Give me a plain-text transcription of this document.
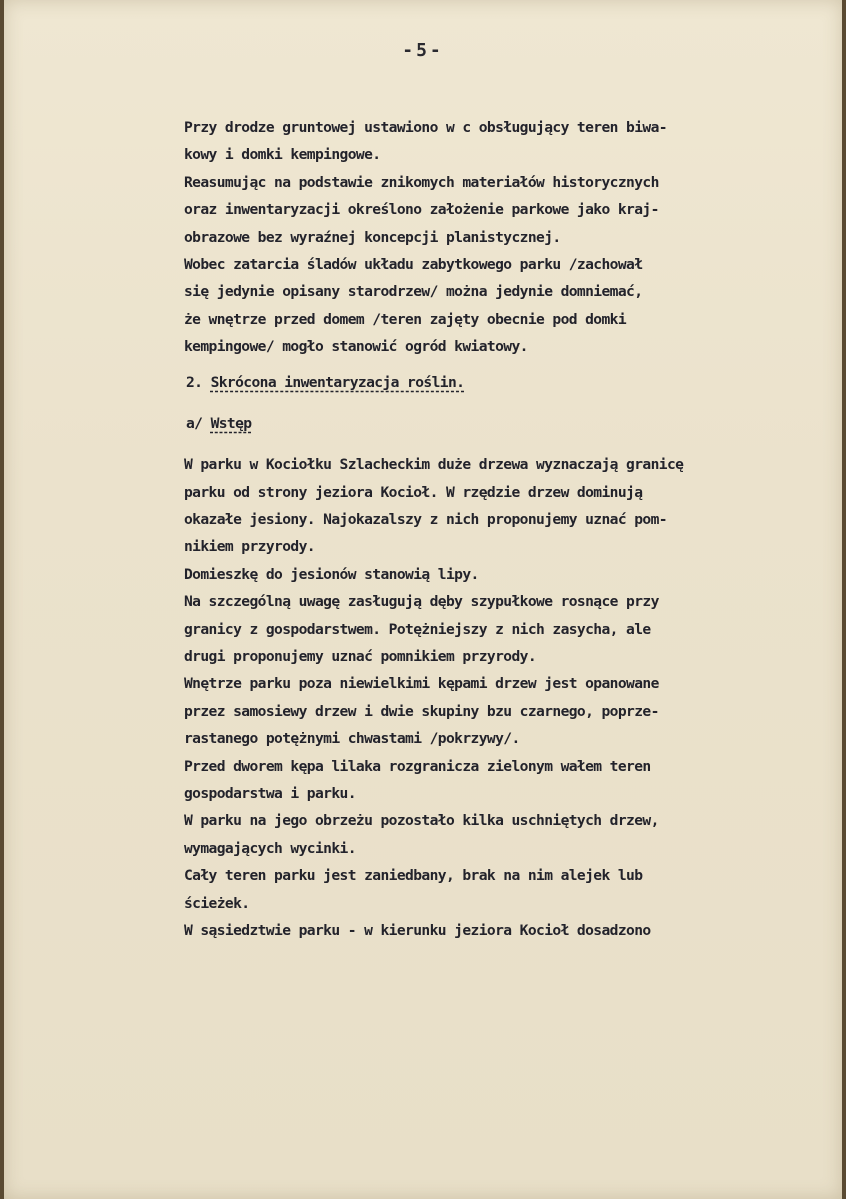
-5-
Przy drodze gruntowej ustawiono w c obsługujący teren biwa-
kowy i domki kempingowe.
Reasumując na podstawie znikomych materiałów historycznych
oraz inwentaryzacji określono założenie parkowe jako kraj-
obrazowe bez wyraźnej koncepcji planistycznej.
Wobec zatarcia śladów układu zabytkowego parku /zachował
się jedynie opisany starodrzew/ można jedynie domniemać,
że wnętrze przed domem /teren zajęty obecnie pod domki
kempingowe/ mogło stanowić ogród kwiatowy.
2. Skrócona inwentaryzacja roślin.
a/ Wstęp
W parku w Kociołku Szlacheckim duże drzewa wyznaczają granicę
parku od strony jeziora Kocioł. W rzędzie drzew dominują
okazałe jesiony. Najokazalszy z nich proponujemy uznać pom-
nikiem przyrody.
Domieszkę do jesionów stanowią lipy.
Na szczególną uwagę zasługują dęby szypułkowe rosnące przy
granicy z gospodarstwem. Potężniejszy z nich zasycha, ale
drugi proponujemy uznać pomnikiem przyrody.
Wnętrze parku poza niewielkimi kępami drzew jest opanowane
przez samosiewy drzew i dwie skupiny bzu czarnego, poprze-
rastanego potężnymi chwastami /pokrzywy/.
Przed dworem kępa lilaka rozgranicza zielonym wałem teren
gospodarstwa i parku.
W parku na jego obrzeżu pozostało kilka uschniętych drzew,
wymagających wycinki.
Cały teren parku jest zaniedbany, brak na nim alejek lub
ścieżek.
W sąsiedztwie parku - w kierunku jeziora Kocioł dosadzono
